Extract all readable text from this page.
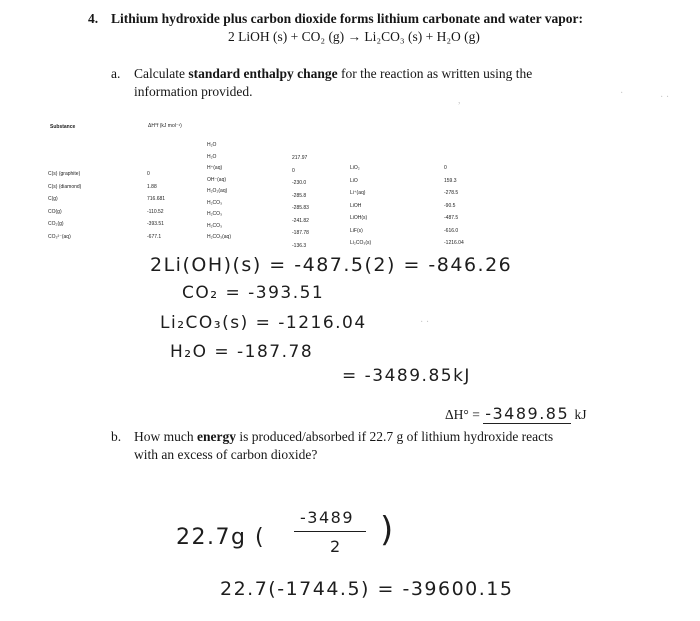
4. Lithium hydroxide plus carbon dioxide forms lithium carbonate and water vapor:
2 LiOH (s) + CO₂ (g) → Li₂CO₃ (s) + H₂O (g)
a. Calculate standard enthalpy change for the reaction as written using the
information provided.
,
·	· ·
Substance	ΔH°f (kJ mol⁻¹)
C(s) (graphite)
C(s) (diamond)
C(g)
CO(g)
CO₂(g)
CO₃²⁻(aq)
0
1.88
716.681
-110.52
-393.51
-677.1
H₂O
H₂O
H⁺(aq)
OH⁻(aq)
H₂O₂(aq)
H₂CO₃
H₂CO₃
H₂CO₃
H₂CO₃(aq)
217.97
0
-230.0
-285.8
-285.83
-241.82
-187.78
-136.3
LiO₂
LiO
Li⁺(aq)
LiOH
LiOH(s)
LiF(s)
Li₂CO₃(s)
0
159.3
-278.5
-90.5
-487.5
-616.0
-1216.04
2Li(OH)(s) = -487.5(2) = -846.26
CO₂ = -393.51
Li₂CO₃(s) = -1216.04
H₂O = -187.78
= -3489.85kJ
· ·
ΔH° = -3489.85 kJ
b. How much energy is produced/absorbed if 22.7 g of lithium hydroxide reacts
with an excess of carbon dioxide?
22.7g (
-3489
2 )
22.7(-1744.5) = -39600.15
